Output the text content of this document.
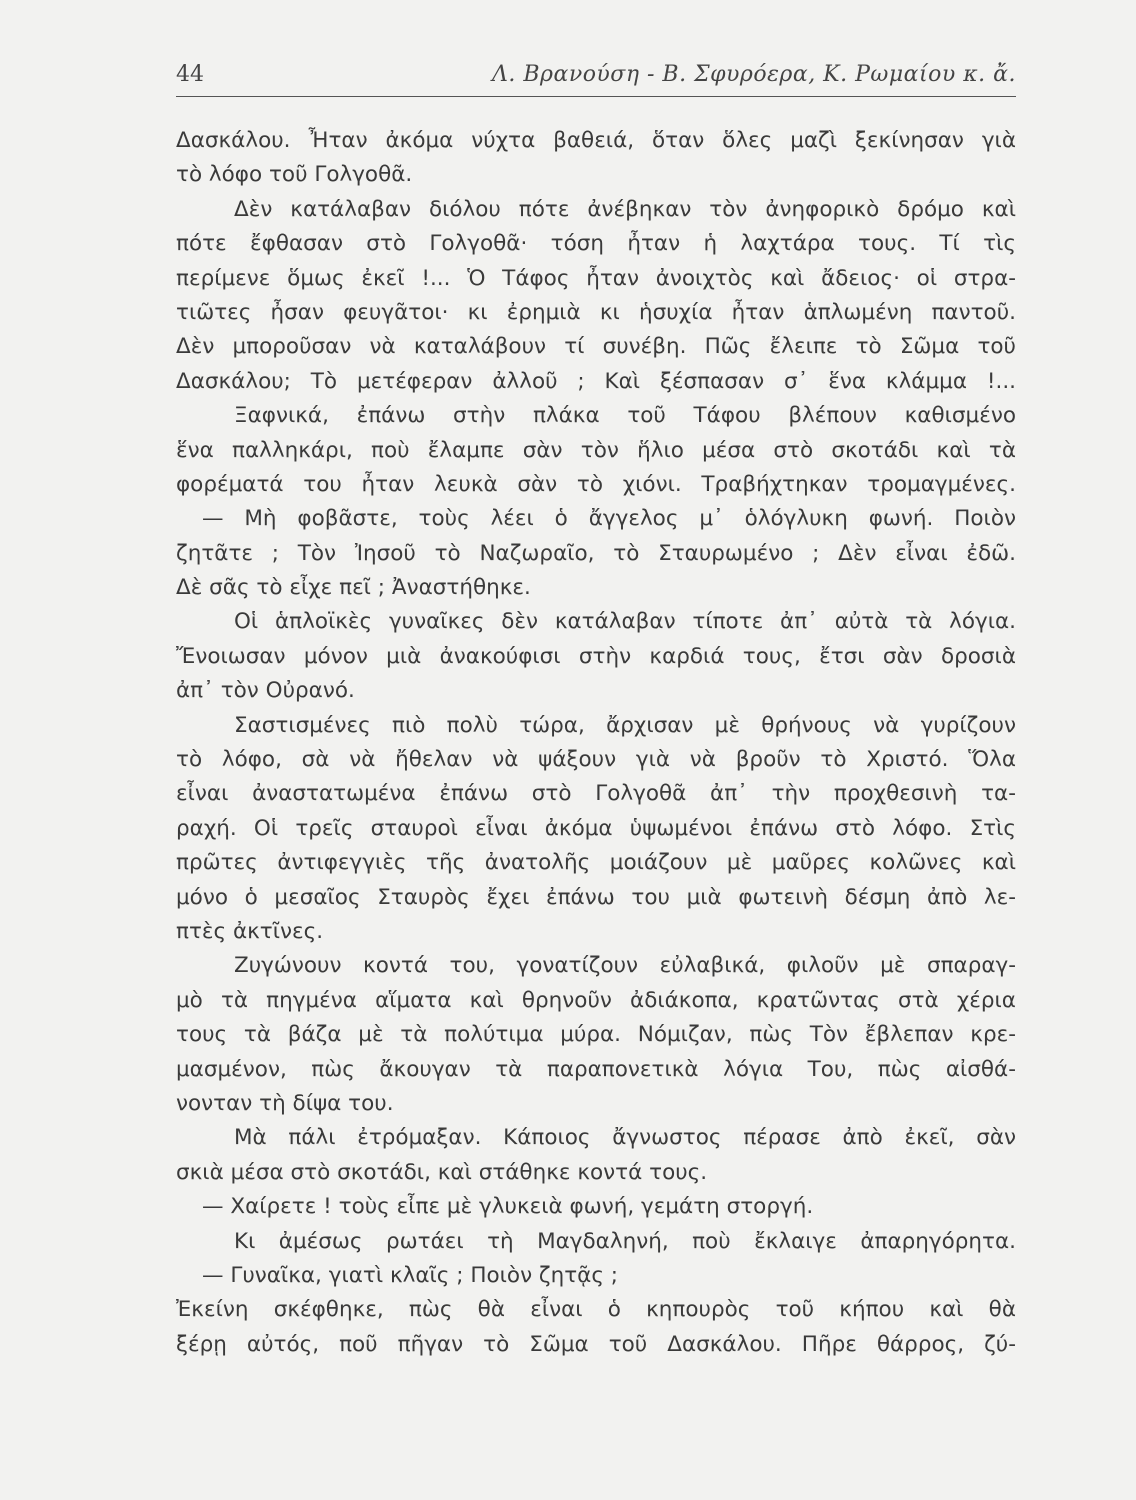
44	Λ. Βρανούση - Β. Σφυρόερα, Κ. Ρωμαίου κ. ἄ.
Δασκάλου. Ἦταν ἀκόμα νύχτα βαθειά, ὅταν ὅλες μαζὶ ξεκίνησαν γιὰ
τὸ λόφο τοῦ Γολγοθᾶ.
Δὲν κατάλαβαν διόλου πότε ἀνέβηκαν τὸν ἀνηφορικὸ δρόμο καὶ
πότε ἔφθασαν στὸ Γολγοθᾶ· τόση ἦταν ἡ λαχτάρα τους. Τί τὶς
περίμενε ὅμως ἐκεῖ !... Ὁ Τάφος ἦταν ἀνοιχτὸς καὶ ἄδειος· οἱ στρα-
τιῶτες ἦσαν φευγᾶτοι· κι ἐρημιὰ κι ἡσυχία ἦταν ἁπλωμένη παντοῦ.
Δὲν μποροῦσαν νὰ καταλάβουν τί συνέβη. Πῶς ἔλειπε τὸ Σῶμα τοῦ
Δασκάλου; Τὸ μετέφεραν ἀλλοῦ ; Καὶ ξέσπασαν σ᾽ ἕνα κλάμμα !...
Ξαφνικά, ἐπάνω στὴν πλάκα τοῦ Τάφου βλέπουν καθισμένο
ἕνα παλληκάρι, ποὺ ἔλαμπε σὰν τὸν ἥλιο μέσα στὸ σκοτάδι καὶ τὰ
φορέματά του ἦταν λευκὰ σὰν τὸ χιόνι. Τραβήχτηκαν τρομαγμένες.
— Μὴ φοβᾶστε, τοὺς λέει ὁ ἄγγελος μ᾽ ὁλόγλυκη φωνή. Ποιὸν
ζητᾶτε ; Τὸν Ἰησοῦ τὸ Ναζωραῖο, τὸ Σταυρωμένο ; Δὲν εἶναι ἐδῶ.
Δὲ σᾶς τὸ εἶχε πεῖ ; Ἀναστήθηκε.
Οἱ ἁπλοϊκὲς γυναῖκες δὲν κατάλαβαν τίποτε ἀπ᾽ αὐτὰ τὰ λόγια.
Ἔνοιωσαν μόνον μιὰ ἀνακούφισι στὴν καρδιά τους, ἔτσι σὰν δροσιὰ
ἀπ᾽ τὸν Οὐρανό.
Σαστισμένες πιὸ πολὺ τώρα, ἄρχισαν μὲ θρήνους νὰ γυρίζουν
τὸ λόφο, σὰ νὰ ἤθελαν νὰ ψάξουν γιὰ νὰ βροῦν τὸ Χριστό. Ὅλα
εἶναι ἀναστατωμένα ἐπάνω στὸ Γολγοθᾶ ἀπ᾽ τὴν προχθεσινὴ τα-
ραχή. Οἱ τρεῖς σταυροὶ εἶναι ἀκόμα ὑψωμένοι ἐπάνω στὸ λόφο. Στὶς
πρῶτες ἀντιφεγγιὲς τῆς ἀνατολῆς μοιάζουν μὲ μαῦρες κολῶνες καὶ
μόνο ὁ μεσαῖος Σταυρὸς ἔχει ἐπάνω του μιὰ φωτεινὴ δέσμη ἀπὸ λε-
πτὲς ἀκτῖνες.
Ζυγώνουν κοντά του, γονατίζουν εὐλαβικά, φιλοῦν μὲ σπαραγ-
μὸ τὰ πηγμένα αἵματα καὶ θρηνοῦν ἀδιάκοπα, κρατῶντας στὰ χέρια
τους τὰ βάζα μὲ τὰ πολύτιμα μύρα. Νόμιζαν, πὼς Τὸν ἔβλεπαν κρε-
μασμένον, πὼς ἄκουγαν τὰ παραπονετικὰ λόγια Του, πὼς αἰσθά-
νονταν τὴ δίψα του.
Μὰ πάλι ἐτρόμαξαν. Κάποιος ἄγνωστος πέρασε ἀπὸ ἐκεῖ, σὰν
σκιὰ μέσα στὸ σκοτάδι, καὶ στάθηκε κοντά τους.
— Χαίρετε ! τοὺς εἶπε μὲ γλυκειὰ φωνή, γεμάτη στοργή.
Κι ἀμέσως ρωτάει τὴ Μαγδαληνή, ποὺ ἔκλαιγε ἀπαρηγόρητα.
— Γυναῖκα, γιατὶ κλαῖς ; Ποιὸν ζητᾷς ;
Ἐκείνη σκέφθηκε, πὼς θὰ εἶναι ὁ κηπουρὸς τοῦ κήπου καὶ θὰ
ξέρῃ αὐτός, ποῦ πῆγαν τὸ Σῶμα τοῦ Δασκάλου. Πῆρε θάρρος, ζύ-
